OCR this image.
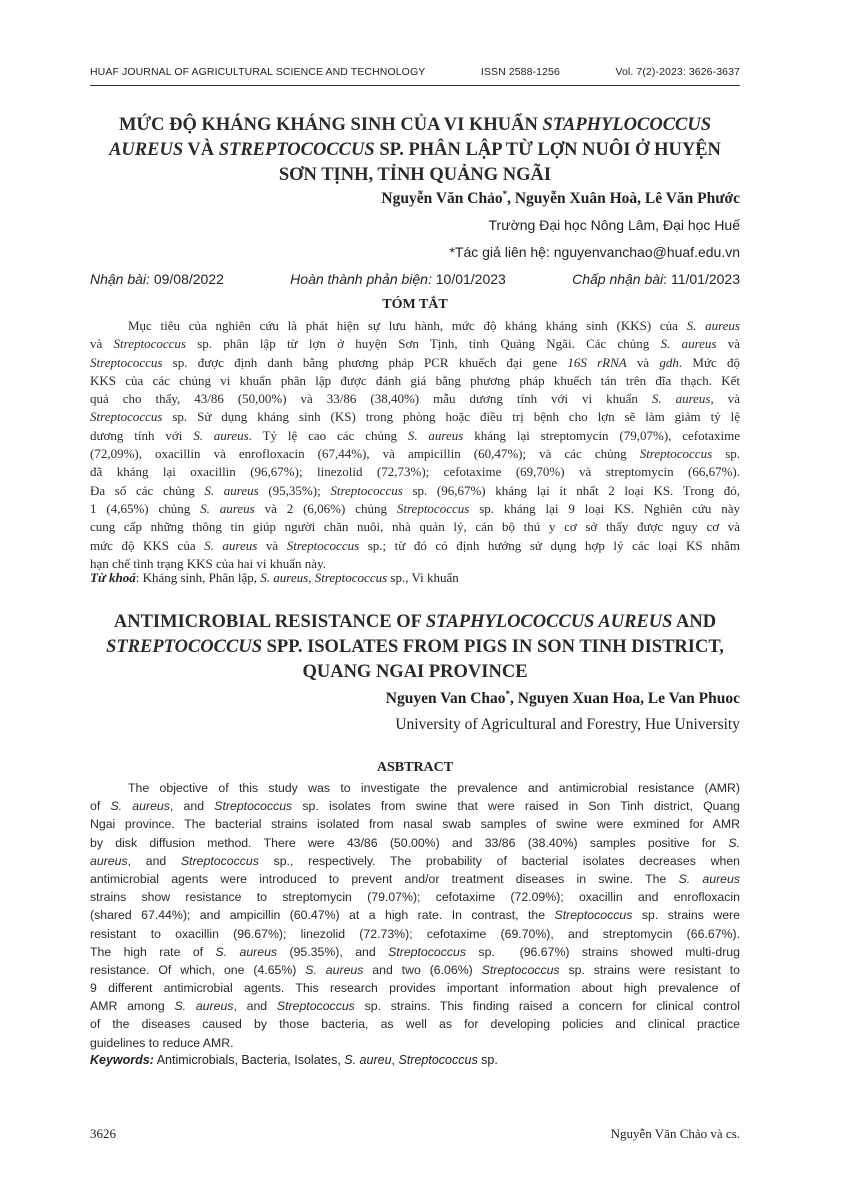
HUAF JOURNAL OF AGRICULTURAL SCIENCE AND TECHNOLOGY	ISSN 2588-1256	Vol. 7(2)-2023: 3626-3637
MỨC ĐỘ KHÁNG KHÁNG SINH CỦA VI KHUẨN STAPHYLOCOCCUS
AUREUS VÀ STREPTOCOCCUS SP. PHÂN LẬP TỪ LỢN NUÔI Ở HUYỆN
SƠN TỊNH, TỈNH QUẢNG NGÃI
Nguyễn Văn Chảo*, Nguyễn Xuân Hoà, Lê Văn Phước
Trường Đại học Nông Lâm, Đại học Huế
*Tác giả liên hệ: nguyenvanchao@huaf.edu.vn
Nhận bài: 09/08/2022	Hoàn thành phản biện: 10/01/2023	Chấp nhận bài: 11/01/2023
TÓM TẮT
Mục tiêu của nghiên cứu là phát hiện sự lưu hành, mức độ kháng kháng sinh (KKS) của S. aureus
và Streptococcus sp. phân lập từ lợn ở huyện Sơn Tịnh, tỉnh Quảng Ngãi. Các chủng S. aureus và
Streptococcus sp. được định danh bằng phương pháp PCR khuếch đại gene 16S rRNA và gdh. Mức độ
KKS của các chủng vi khuẩn phân lập được đánh giá bằng phương pháp khuếch tán trên đĩa thạch. Kết
quả cho thấy, 43/86 (50,00%) và 33/86 (38,40%) mẫu dương tính với vi khuẩn S. aureus, và
Streptococcus sp. Sử dụng kháng sinh (KS) trong phòng hoặc điều trị bệnh cho lợn sẽ làm giảm tỷ lệ
dương tính với S. aureus. Tỷ lệ cao các chủng S. aureus kháng lại streptomycin (79,07%), cefotaxime
(72,09%), oxacillin và enrofloxacin (67,44%), và ampicillin (60,47%); và các chủng Streptococcus sp.
đã kháng lại oxacillin (96,67%); linezolid (72,73%); cefotaxime (69,70%) và streptomycin (66,67%).
Đa số các chủng S. aureus (95,35%); Streptococcus sp. (96,67%) kháng lại ít nhất 2 loại KS. Trong đó,
1 (4,65%) chủng S. aureus và 2 (6,06%) chủng Streptococcus sp. kháng lại 9 loại KS. Nghiên cứu này
cung cấp những thông tin giúp người chăn nuôi, nhà quản lý, cán bộ thú y cơ sở thấy được nguy cơ và
mức độ KKS của S. aureus và Streptococcus sp.; từ đó có định hướng sử dụng hợp lý các loại KS nhằm
hạn chế tình trạng KKS của hai vi khuẩn này.
Từ khoá: Kháng sinh, Phân lập, S. aureus, Streptococcus sp., Vi khuẩn
ANTIMICROBIAL RESISTANCE OF STAPHYLOCOCCUS AUREUS AND
STREPTOCOCCUS SPP. ISOLATES FROM PIGS IN SON TINH DISTRICT,
QUANG NGAI PROVINCE
Nguyen Van Chao*, Nguyen Xuan Hoa, Le Van Phuoc
University of Agricultural and Forestry, Hue University
ASBTRACT
The objective of this study was to investigate the prevalence and antimicrobial resistance (AMR)
of S. aureus, and Streptococcus sp. isolates from swine that were raised in Son Tinh district, Quang
Ngai province. The bacterial strains isolated from nasal swab samples of swine were exmined for AMR
by disk diffusion method. There were 43/86 (50.00%) and 33/86 (38.40%) samples positive for S.
aureus, and Streptococcus sp., respectively. The probability of bacterial isolates decreases when
antimicrobial agents were introduced to prevent and/or treatment diseases in swine. The S. aureus
strains show resistance to streptomycin (79.07%); cefotaxime (72.09%); oxacillin and enrofloxacin
(shared 67.44%); and ampicillin (60.47%) at a high rate. In contrast, the Streptococcus sp. strains were
resistant to oxacillin (96.67%); linezolid (72.73%); cefotaxime (69.70%), and streptomycin (66.67%).
The high rate of S. aureus (95.35%), and Streptococcus sp.  (96.67%) strains showed multi-drug
resistance. Of which, one (4.65%) S. aureus and two (6.06%) Streptococcus sp. strains were resistant to
9 different antimicrobial agents. This research provides important information about high prevalence of
AMR among S. aureus, and Streptococcus sp. strains. This finding raised a concern for clinical control
of the diseases caused by those bacteria, as well as for developing policies and clinical practice
guidelines to reduce AMR.
Keywords: Antimicrobials, Bacteria, Isolates, S. aureu, Streptococcus sp.
3626	Nguyễn Văn Chảo và cs.
